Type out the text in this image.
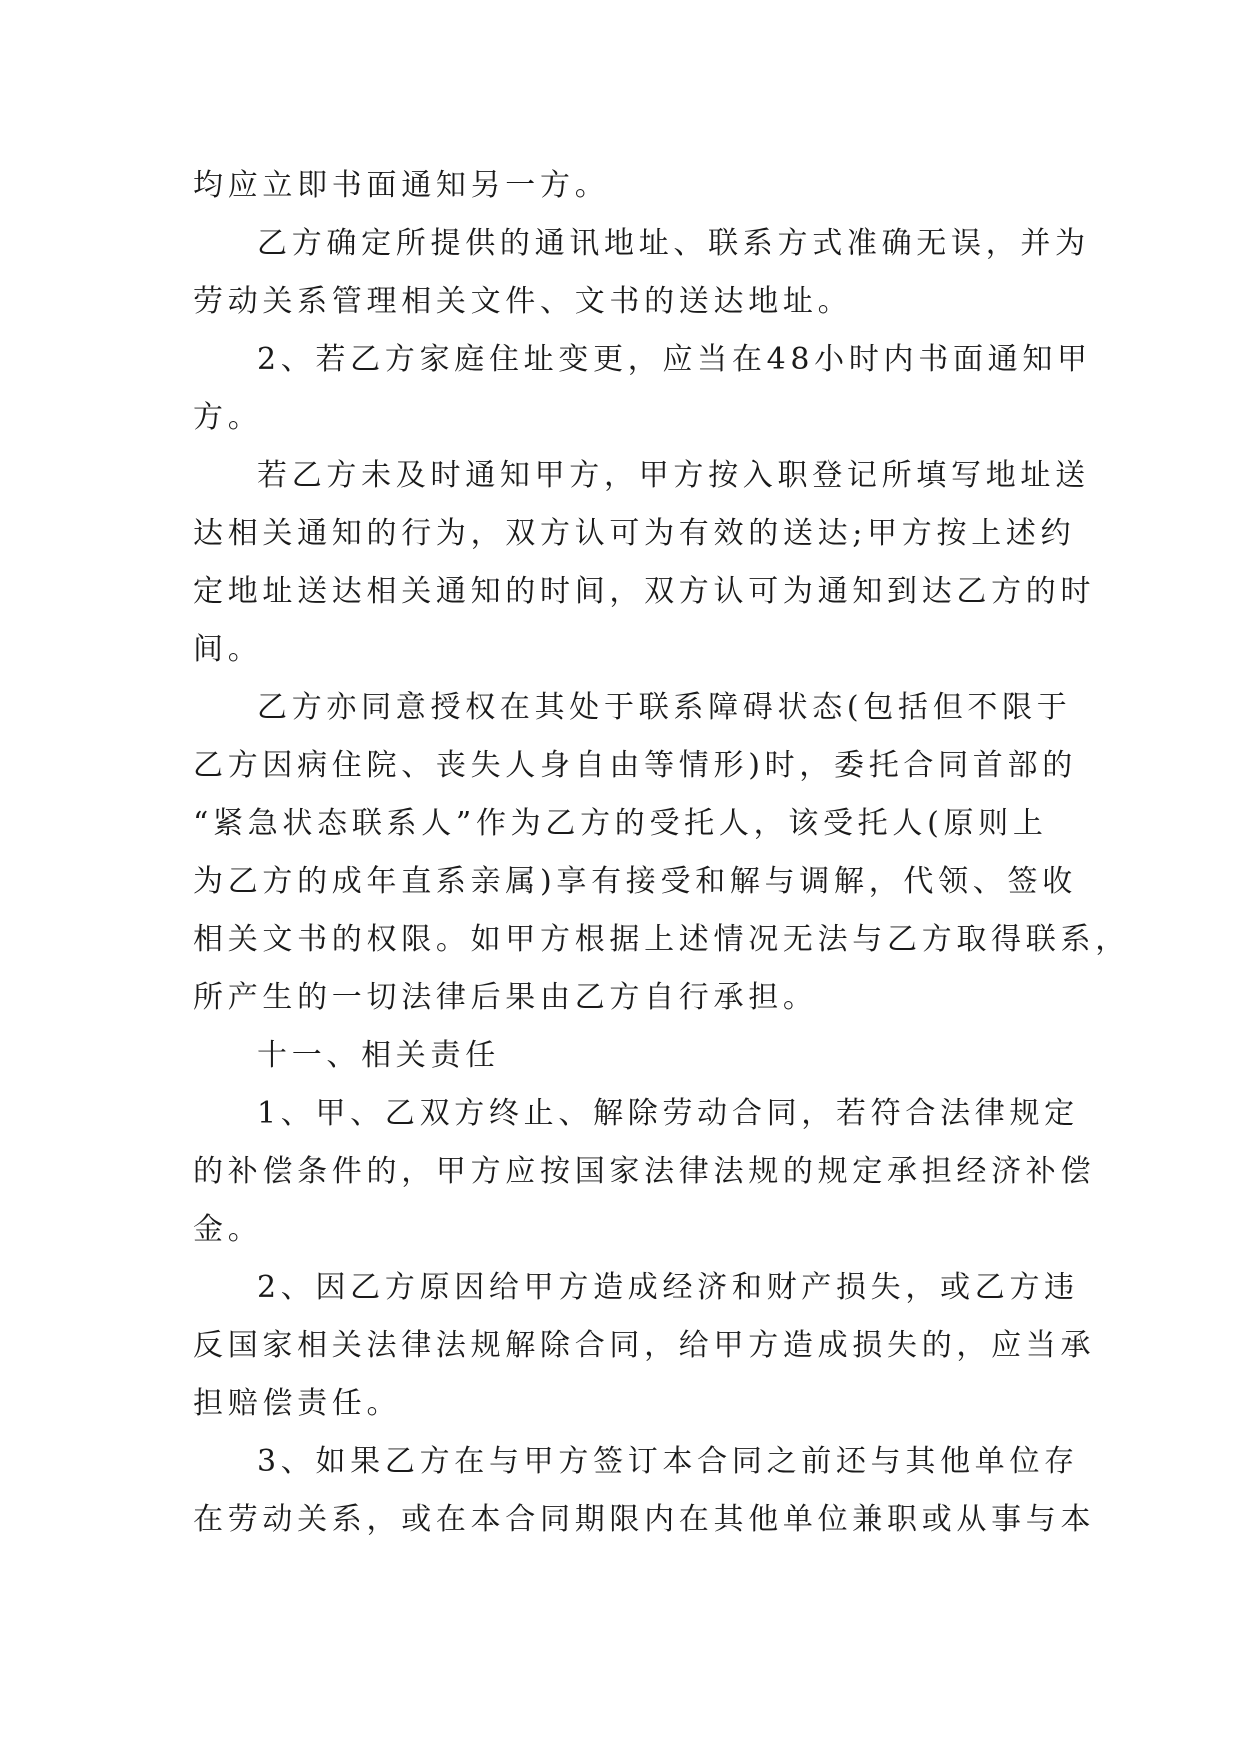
均应立即书面通知另一方。
乙方确定所提供的通讯地址、联系方式准确无误，并为
劳动关系管理相关文件、文书的送达地址。
2、若乙方家庭住址变更，应当在48小时内书面通知甲
方。
若乙方未及时通知甲方，甲方按入职登记所填写地址送
达相关通知的行为，双方认可为有效的送达;甲方按上述约
定地址送达相关通知的时间，双方认可为通知到达乙方的时
间。
乙方亦同意授权在其处于联系障碍状态(包括但不限于
乙方因病住院、丧失人身自由等情形)时，委托合同首部的
“紧急状态联系人”作为乙方的受托人，该受托人(原则上
为乙方的成年直系亲属)享有接受和解与调解，代领、签收
相关文书的权限。如甲方根据上述情况无法与乙方取得联系，
所产生的一切法律后果由乙方自行承担。
十一、相关责任
1、甲、乙双方终止、解除劳动合同，若符合法律规定
的补偿条件的，甲方应按国家法律法规的规定承担经济补偿
金。
2、因乙方原因给甲方造成经济和财产损失，或乙方违
反国家相关法律法规解除合同，给甲方造成损失的，应当承
担赔偿责任。
3、如果乙方在与甲方签订本合同之前还与其他单位存
在劳动关系，或在本合同期限内在其他单位兼职或从事与本
